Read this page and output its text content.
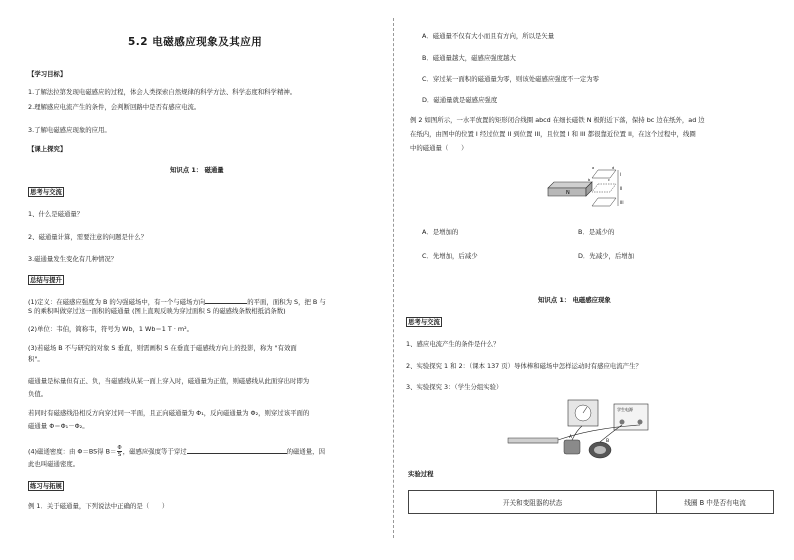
5.2 电磁感应现象及其应用
【学习目标】
1.了解法拉第发现电磁感应的过程，体会人类探索自然规律的科学方法、科学态度和科学精神。
2.理解感应电流产生的条件，会判断回路中是否有感应电流。
3.了解电磁感应现象的应用。
【课上探究】
知识点 1： 磁通量
思考与交流
1、什么是磁通量？
2、磁通量计算，需要注意的问题是什么？
3.磁通量发生变化有几种情况？
总结与提升
(1)定义：在磁感应强度为 B 的匀强磁场中，有一个与磁场方向	的平面，面积为 S，把 B 与
S 的乘积叫做穿过这一面积的磁通量 (图上直观反映为穿过面积 S 的磁感线条数相抵消条数)
(2)单位：韦伯，简称韦，符号为 Wb，1 Wb＝1 T · m²。
(3)若磁场 B 不与研究的对象 S 垂直，则需画积 S 在垂直于磁感线方向上的投影，称为 "有效面
积"。
磁通量是标量但有正、负，当磁感线从某一面上穿入时，磁通量为正值，则磁感线从此面穿出时即为
负值。
若同时有磁感线沿相反方向穿过同一平面，且正向磁通量为 Φ₁，反向磁通量为 Φ₂，则穿过该平面的
磁通量 Φ＝Φ₁－Φ₂。
(4)磁通密度：由 Φ＝BS得 $B= \frac{\Phi}{S}$ ，磁感应强度等于穿过	的磁通量，因
此也叫磁通密度。
练习与拓展
例 1．关于磁通量，下列说法中正确的是（　　）
A．磁通量不仅有大小而且有方向，所以是矢量
B．磁通量越大，磁感应强度越大
C．穿过某一面积的磁通量为零，则该处磁感应强度不一定为零
D．磁通量就是磁感应强度
例 2 如图所示，一水平放置的矩形闭合线圈 abcd 在细长磁铁 N 极附近下落，保持 bc 边在纸外，ad 边
在纸内，由图中的位置 I 经过位置 II 到位置 III，且位置 I 和 III 都很靠近位置 II，在这个过程中，线圈
中的磁通量（　　）
N
I
II
III
a	d
b	c
A．是增加的	B．是减少的
C．先增加，后减少	D．先减少，后增加
知识点 1： 电磁感应现象
思考与交流
1、感应电流产生的条件是什么？
2、实验探究 1 和 2：（课本 137 页）导体棒和磁场中怎样运动时有感应电流产生？
3、实验探究 3：（学生分组实验）
学生电源
A
B
实验过程
开关和变阻器的状态	线圈 B 中是否有电流
